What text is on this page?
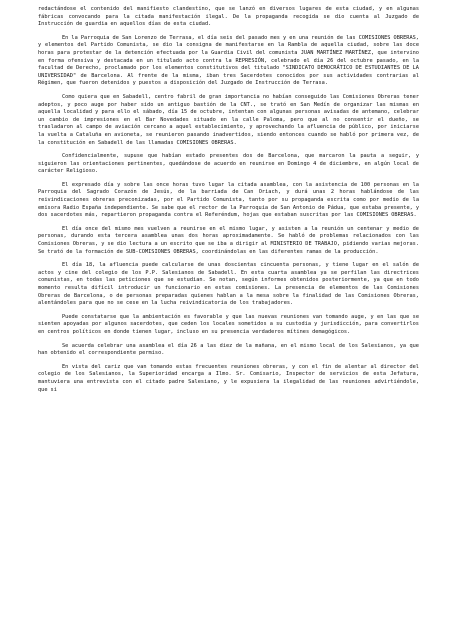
redactándose el contenido del manifiesto clandestino, que se lanzó en diversos lugares de esta ciudad, y en algunas fábricas convocando para la citada manifestación ilegal. De la propaganda recogida se dio cuenta al Juzgado de Instrucción de guardia en aquellos días de esta ciudad.

En la Parroquia de San Lorenzo de Terrasa, el día seis del pasado mes y en una reunión de las COMISIONES OBRERAS, y elementos del Partido Comunista, se dio la consigna de manifestarse en la Rambla de aquella ciudad, sobre las doce horas para protestar de la detención efectuada por la Guardia Civil del comunista JUAN MARTÍNEZ MARTÍNEZ, que intervino en forma ofensiva y destacada en un titulado acto contra la REPRESIÓN, celebrado el día 26 del octubre pasado, en la facultad de Derecho, proclamado por los elementos constitutivos del titulado "SINDICATO DEMOCRÁTICO DE ESTUDIANTES DE LA UNIVERSIDAD" de Barcelona. Al frente de la misma, iban tres Sacerdotes conocidos por sus actividades contrarias al Régimen, que fueron detenidos y puestos a disposición del Juzgado de Instrucción de Terrasa.

Como quiera que en Sabadell, centro fabril de gran importancia no habían conseguido las Comisiones Obreras tener adeptos, y poco auge por haber sido un antiguo bastión de la CNT., se trató en San Medín de organizar las mismas en aquella localidad y para ello el sábado, día 15 de octubre, intentan con algunas personas avisadas de antemano, celebrar un cambio de impresiones en el Bar Novedades situado en la calle Paloma, pero que al no consentir el dueño, se trasladaron al campo de aviación cercano a aquel establecimiento, y aprovechando la afluencia de público, por iniciarse la vuelta a Cataluña en avioneta, se reunieron pasando inadvertidos, siendo entonces cuando se habló por primera vez, de la constitución en Sabadell de las llamadas COMISIONES OBRERAS.

Confidencialmente, supuse que habían estado presentes dos de Barcelona, que marcaron la pauta a seguir, y siguieron las orientaciones pertinentes, quedándose de acuerdo en reunirse en Domingo 4 de diciembre, en algún local de carácter Religioso.

El expresado día y sobre las once horas tuvo lugar la citada asamblea, con la asistencia de 100 personas en la Parroquia del Sagrado Corazón de Jesús, de la barriada de Can Oriach, y durá unas 2 horas hablándose de las reivindicaciones obreras preconizadas, por el Partido Comunista, tanto por su propaganda escrita como por medio de la emisora Radio España independiente. Se sabe que el rector de la Parroquia de San Antonio de Pádua, que estaba presente, y dos sacerdotes más, repartieron propaganda contra el Referéndum, hojas que estaban suscritas por las COMISIONES OBRERAS.

El día once del mismo mes vuelven a reunirse en el mismo lugar, y asisten a la reunión un centenar y medio de personas, durando esta tercera asamblea unas dos horas aproximadamente. Se habló de problemas relacionados con las Comisiones Obreras, y se dio lectura a un escrito que se iba a dirigir al MINISTERIO DE TRABAJO, pidiendo varias mejoras. Se trató de la formación de SUB-COMISIONES OBRERAS, coordinándolas en las diferentes ramas de la producción.

El día 18, la afluencia puede calcularse de unas doscientas cincuenta personas, y tiene lugar en el salón de actos y cine del colegio de los P.P. Salesianos de Sabadell. En esta cuarta asamblea ya se perfilan las directrices comunistas, en todas las peticiones que se estudian. Se notan, según informes obtenidos posteriormente, ya que en todo momento resulta difícil introducir un funcionario en estas comisiones. La presencia de elementos de las Comisiones Obreras de Barcelona, o de personas preparadas quienes hablan a la mesa sobre la finalidad de las Comisiones Obreras, alentándoles para que no se cese en la lucha reivindicatoria de los trabajadores.

Puede constatarse que la ambientación es favorable y que las nuevas reuniones van tomando auge, y en las que se sienten apoyadas por algunos sacerdotes, que ceden los locales sometidos a su custodia y jurisdicción, para convertirlos en centros políticos en donde tienen lugar, incluso en su presencia verdaderos mítines demagógicos.

Se acuerda celebrar una asamblea el día 26 a las diez de la mañana, en el mismo local de los Salesianos, ya que han obtenido el correspondiente permiso.

En vista del cariz que van tomando estas frecuentes reuniones obreras, y con el fin de alentar al director del colegio de los Salesianos, la Superioridad encarga a Ilmo. Sr. Comisario, Inspector de servicios de esta Jefatura, mantuviera una entrevista con el citado padre Salesiano, y le expusiera la ilegalidad de las reuniones advirtiéndole, que si
